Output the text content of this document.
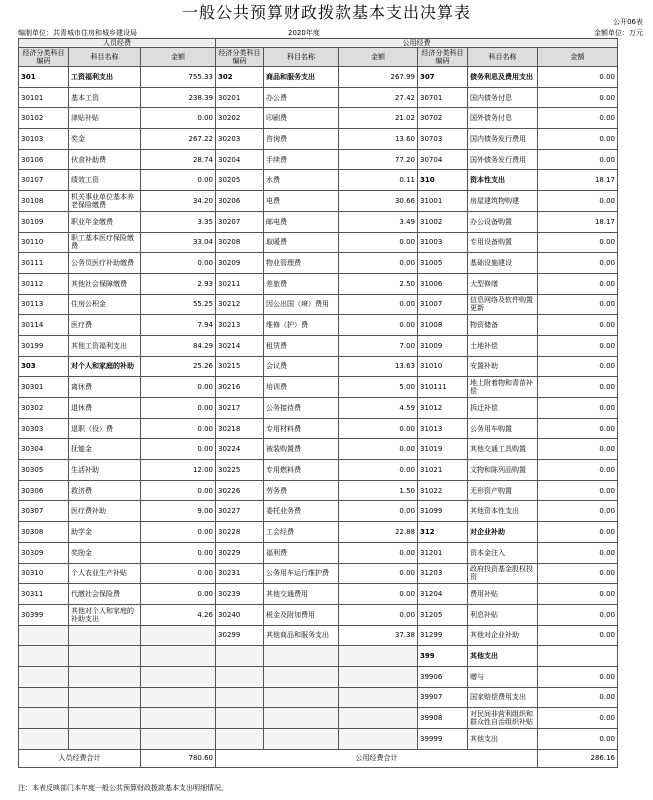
一般公共预算财政拨款基本支出决算表	公开06表
编制单位：共青城市住房和城乡建设局	2020年度	金额单位：万元
人员经费			公用经费					
经济分类科目编码	科目名称	金额	经济分类科目编码	科目名称	金额	经济分类科目编码	科目名称	金额
301	工资福利支出	755.33	302	商品和服务支出	267.99	307	债务利息及费用支出	0.00
30101	基本工资	238.39	30201	办公费	27.42	30701	国内债务付息	0.00
30102	津贴补贴	0.00	30202	印刷费	21.02	30702	国外债务付息	0.00
30103	奖金	267.22	30203	咨询费	13.60	30703	国内债务发行费用	0.00
30106	伙食补助费	28.74	30204	手续费	77.20	30704	国外债务发行费用	0.00
30107	绩效工资	0.00	30205	水费	0.11	310	资本性支出	18.17
30108	机关事业单位基本养老保险缴费	34.20	30206	电费	30.66	31001	房屋建筑物购建	0.00
30109	职业年金缴费	3.35	30207	邮电费	3.49	31002	办公设备购置	18.17
30110	职工基本医疗保险缴费	33.04	30208	取暖费	0.00	31003	专用设备购置	0.00
30111	公务员医疗补助缴费	0.00	30209	物业管理费	0.00	31005	基础设施建设	0.00
30112	其他社会保障缴费	2.93	30211	差旅费	2.50	31006	大型修缮	0.00
30113	住房公积金	55.25	30212	因公出国（境）费用	0.00	31007	信息网络及软件购置更新	0.00
30114	医疗费	7.94	30213	维修（护）费	0.00	31008	物资储备	0.00
30199	其他工资福利支出	84.29	30214	租赁费	7.00	31009	土地补偿	0.00
303	对个人和家庭的补助	25.26	30215	会议费	13.63	31010	安置补助	0.00
30301	离休费	0.00	30216	培训费	5.00	310111	地上附着物和青苗补偿	0.00
30302	退休费	0.00	30217	公务接待费	4.59	31012	拆迁补偿	0.00
30303	退职（役）费	0.00	30218	专用材料费	0.00	31013	公务用车购置	0.00
30304	抚恤金	0.00	30224	被装购置费	0.00	31019	其他交通工具购置	0.00
30305	生活补助	12.00	30225	专用燃料费	0.00	31021	文物和陈列品购置	0.00
30306	救济费	0.00	30226	劳务费	1.50	31022	无形资产购置	0.00
30307	医疗费补助	9.00	30227	委托业务费	0.00	31099	其他资本性支出	0.00
30308	助学金	0.00	30228	工会经费	22.88	312	对企业补助	0.00
30309	奖励金	0.00	30229	福利费	0.00	31201	资本金注入	0.00
30310	个人农业生产补贴	0.00	30231	公务用车运行维护费	0.00	31203	政府投资基金股权投资	0.00
30311	代缴社会保险费	0.00	30239	其他交通费用	0.00	31204	费用补贴	0.00
30399	其他对个人和家庭的补助支出	4.26	30240	税金及附加费用	0.00	31205	利息补贴	0.00
			30299	其他商品和服务支出	37.38	31299	其他对企业补助	0.00
						399	其他支出	
						39906	赠与	0.00
						39907	国家赔偿费用支出	0.00
						39908	对民间非营利组织和群众性自治组织补贴	0.00
						39999	其他支出	0.00
人员经费合计		780.60	公用经费合计					286.16
注：本表反映部门本年度一般公共预算财政拨款基本支出明细情况。
